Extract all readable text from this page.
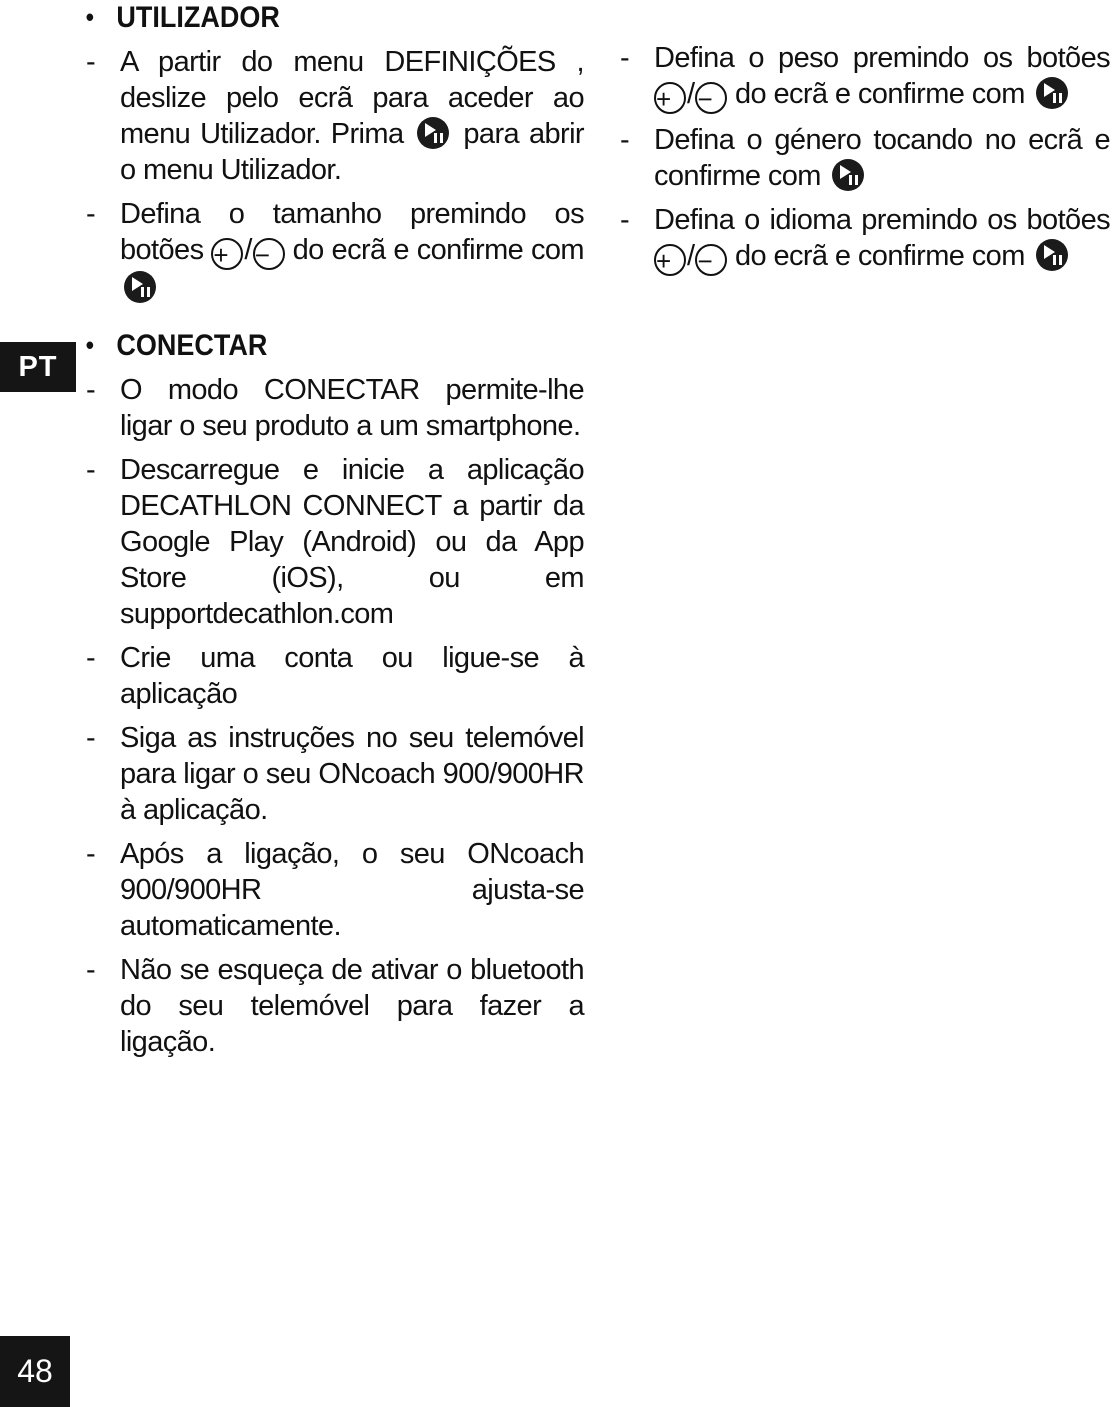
PT
• UTILIZADOR
- A partir do menu DEFINIÇÕES , deslize pelo ecrã para aceder ao menu Utilizador. Prima para abrir o menu Utilizador.
- Defina o tamanho premindo os botões + / − do ecrã e confirme com
• CONECTAR
- O modo CONECTAR permite-lhe ligar o seu produto a um smartphone.
- Descarregue e inicie a aplicação DECATHLON CONNECT a partir da Google Play (Android) ou da App Store (iOS), ou em supportdecathlon.com
- Crie uma conta ou ligue-se à aplicação
- Siga as instruções no seu telemóvel para ligar o seu ONcoach 900/900HR à aplicação.
- Após a ligação, o seu ONcoach 900/900HR ajusta-se automaticamente.
- Não se esqueça de ativar o bluetooth do seu telemóvel para fazer a ligação.
- Defina o peso premindo os botões + / − do ecrã e confirme com
- Defina o género tocando no ecrã e confirme com
- Defina o idioma premindo os botões + / − do ecrã e confirme com
48
